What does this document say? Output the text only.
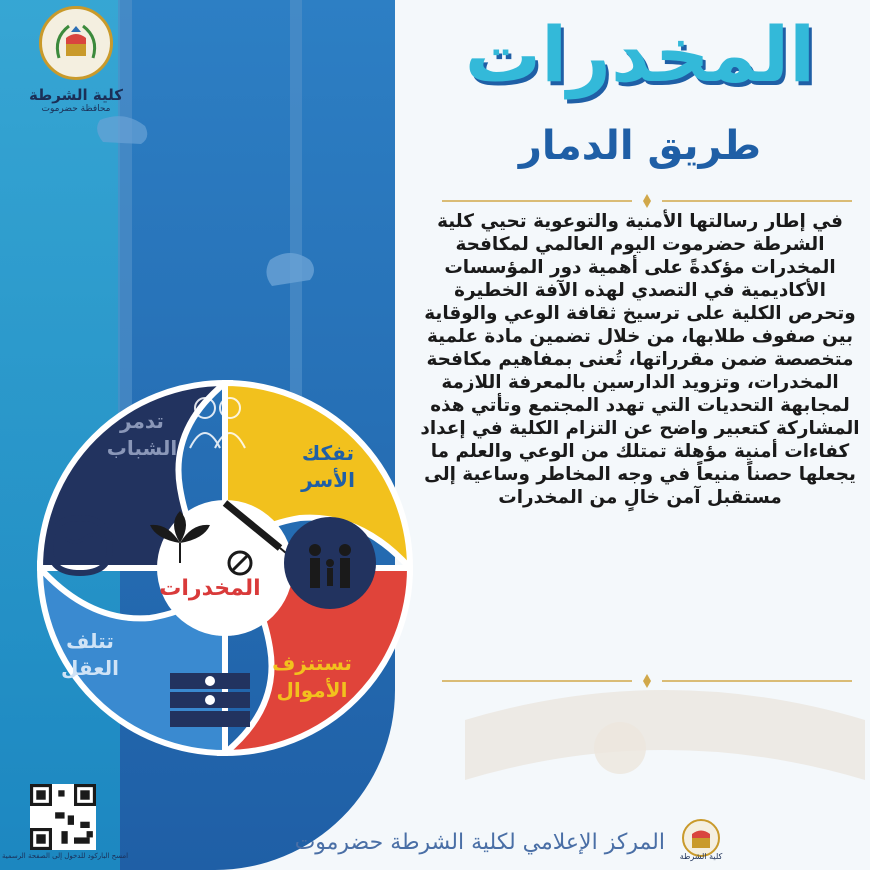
كلية الشرطة
محافظة حضرموت
المخدرات
تدمر
الشباب	تفكك
الأسر
تتلف
العقل	تستنزف
الأموال
امسح الباركود للدخول إلى الصفحة الرسمية
المخدرات
طريق الدمار
في إطار رسالتها الأمنية والتوعوية تحيي كلية الشرطة حضرموت اليوم العالمي لمكافحة المخدرات مؤكدةً على أهمية دور المؤسسات الأكاديمية في التصدي لهذه الآفة الخطيرة وتحرص الكلية على ترسيخ ثقافة الوعي والوقاية بين صفوف طلابها، من خلال تضمين مادة علمية متخصصة ضمن مقرراتها، تُعنى بمفاهيم مكافحة المخدرات، وتزويد الدارسين بالمعرفة اللازمة لمجابهة التحديات التي تهدد المجتمع وتأتي هذه المشاركة كتعبير واضح عن التزام الكلية في إعداد كفاءات أمنية مؤهلة تمتلك من الوعي والعلم ما يجعلها حصناً منيعاً في وجه المخاطر وساعية إلى مستقبل آمن خالٍ من المخدرات
المركز الإعلامي لكلية الشرطة حضرموت
كلية الشرطة
